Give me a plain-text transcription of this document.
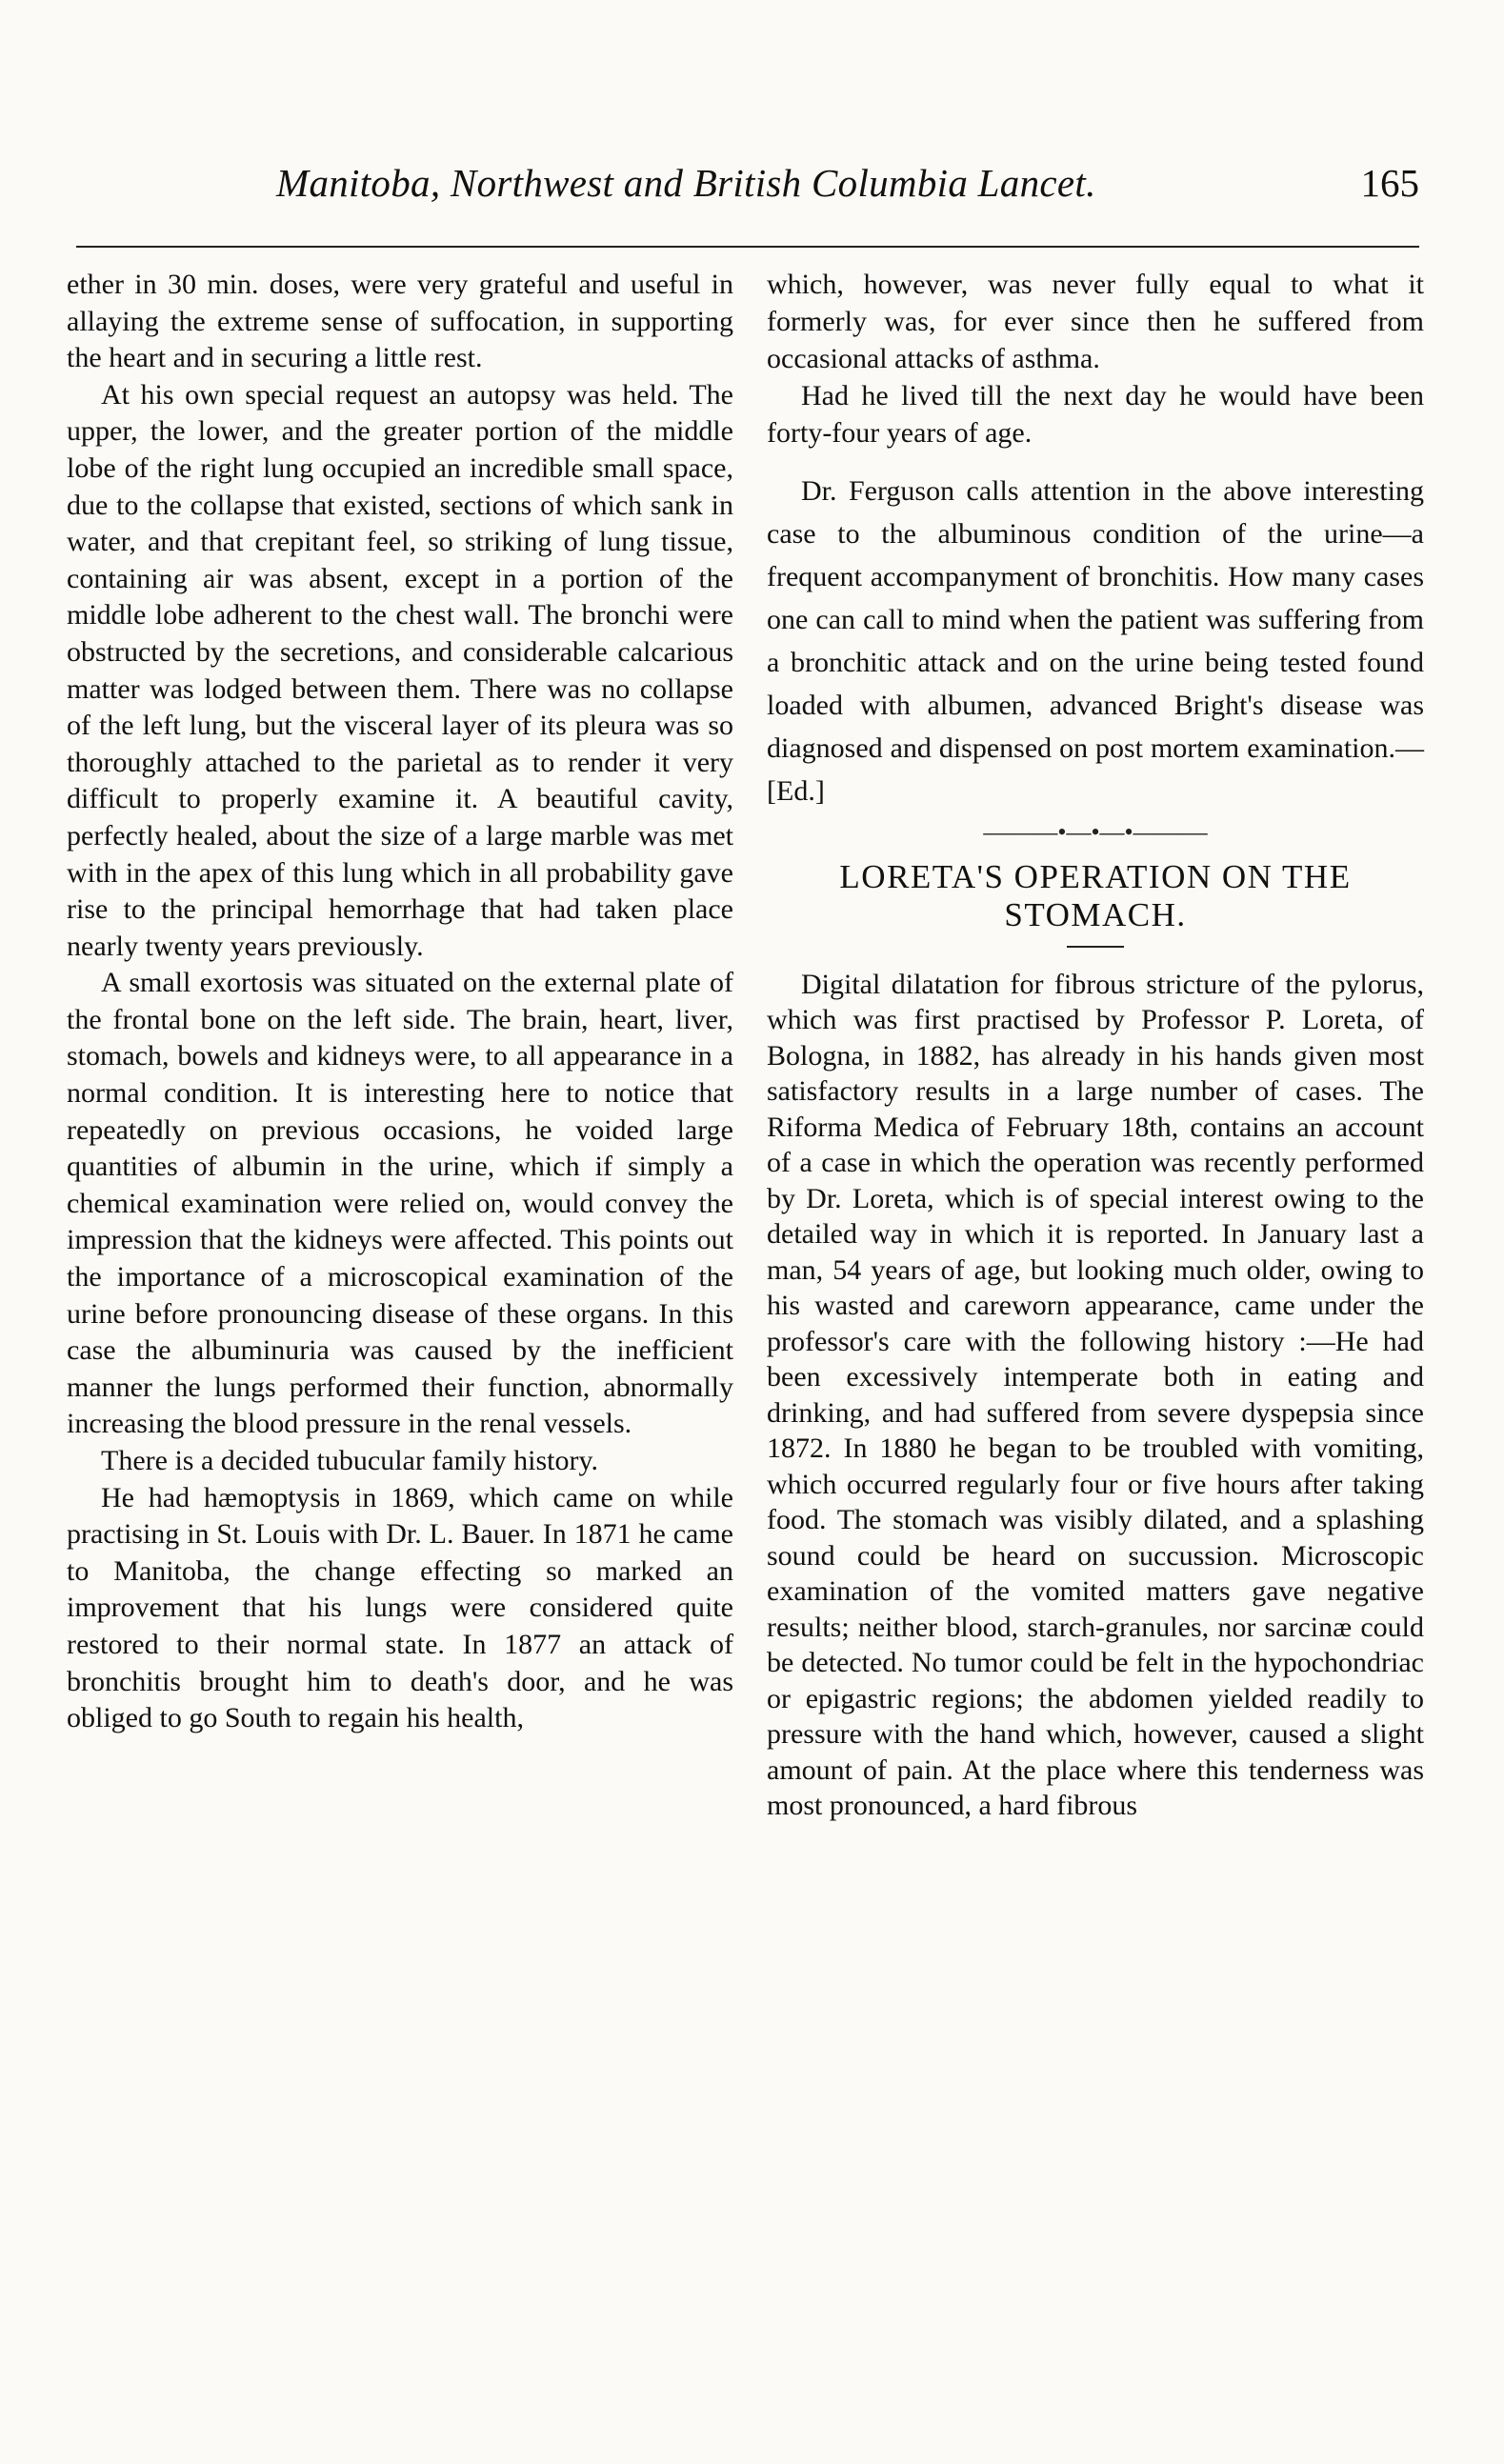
Manitoba, Northwest and British Columbia Lancet.	165

ether in 30 min. doses, were very grateful and useful in allaying the extreme sense of suffocation, in supporting the heart and in securing a little rest.

At his own special request an autopsy was held. The upper, the lower, and the greater portion of the middle lobe of the right lung occupied an incredible small space, due to the collapse that existed, sections of which sank in water, and that crepitant feel, so striking of lung tissue, containing air was absent, except in a portion of the middle lobe adherent to the chest wall. The bronchi were obstructed by the secretions, and considerable calcarious matter was lodged between them. There was no collapse of the left lung, but the visceral layer of its pleura was so thoroughly attached to the parietal as to render it very difficult to properly examine it. A beautiful cavity, perfectly healed, about the size of a large marble was met with in the apex of this lung which in all probability gave rise to the principal hemorrhage that had taken place nearly twenty years previously.

A small exortosis was situated on the external plate of the frontal bone on the left side. The brain, heart, liver, stomach, bowels and kidneys were, to all appearance in a normal condition. It is interesting here to notice that repeatedly on previous occasions, he voided large quantities of albumin in the urine, which if simply a chemical examination were relied on, would convey the impression that the kidneys were affected. This points out the importance of a microscopical examination of the urine before pronouncing disease of these organs. In this case the albuminuria was caused by the inefficient manner the lungs performed their function, abnormally increasing the blood pressure in the renal vessels.

There is a decided tubucular family history.

He had hæmoptysis in 1869, which came on while practising in St. Louis with Dr. L. Bauer. In 1871 he came to Manitoba, the change effecting so marked an improvement that his lungs were considered quite restored to their normal state. In 1877 an attack of bronchitis brought him to death's door, and he was obliged to go South to regain his health,

which, however, was never fully equal to what it formerly was, for ever since then he suffered from occasional attacks of asthma.

Had he lived till the next day he would have been forty-four years of age.

Dr. Ferguson calls attention in the above interesting case to the albuminous condition of the urine—a frequent accompanyment of bronchitis. How many cases one can call to mind when the patient was suffering from a bronchitic attack and on the urine being tested found loaded with albumen, advanced Bright's disease was diagnosed and dispensed on post mortem examination.—[Ed.]

———•—•—•———
LORETA'S OPERATION ON THE STOMACH.

Digital dilatation for fibrous stricture of the pylorus, which was first practised by Professor P. Loreta, of Bologna, in 1882, has already in his hands given most satisfactory results in a large number of cases. The Riforma Medica of February 18th, contains an account of a case in which the operation was recently performed by Dr. Loreta, which is of special interest owing to the detailed way in which it is reported. In January last a man, 54 years of age, but looking much older, owing to his wasted and careworn appearance, came under the professor's care with the following history :—He had been excessively intemperate both in eating and drinking, and had suffered from severe dyspepsia since 1872. In 1880 he began to be troubled with vomiting, which occurred regularly four or five hours after taking food. The stomach was visibly dilated, and a splashing sound could be heard on succussion. Microscopic examination of the vomited matters gave negative results; neither blood, starch-granules, nor sarcinæ could be detected. No tumor could be felt in the hypochondriac or epigastric regions; the abdomen yielded readily to pressure with the hand which, however, caused a slight amount of pain. At the place where this tenderness was most pronounced, a hard fibrous
